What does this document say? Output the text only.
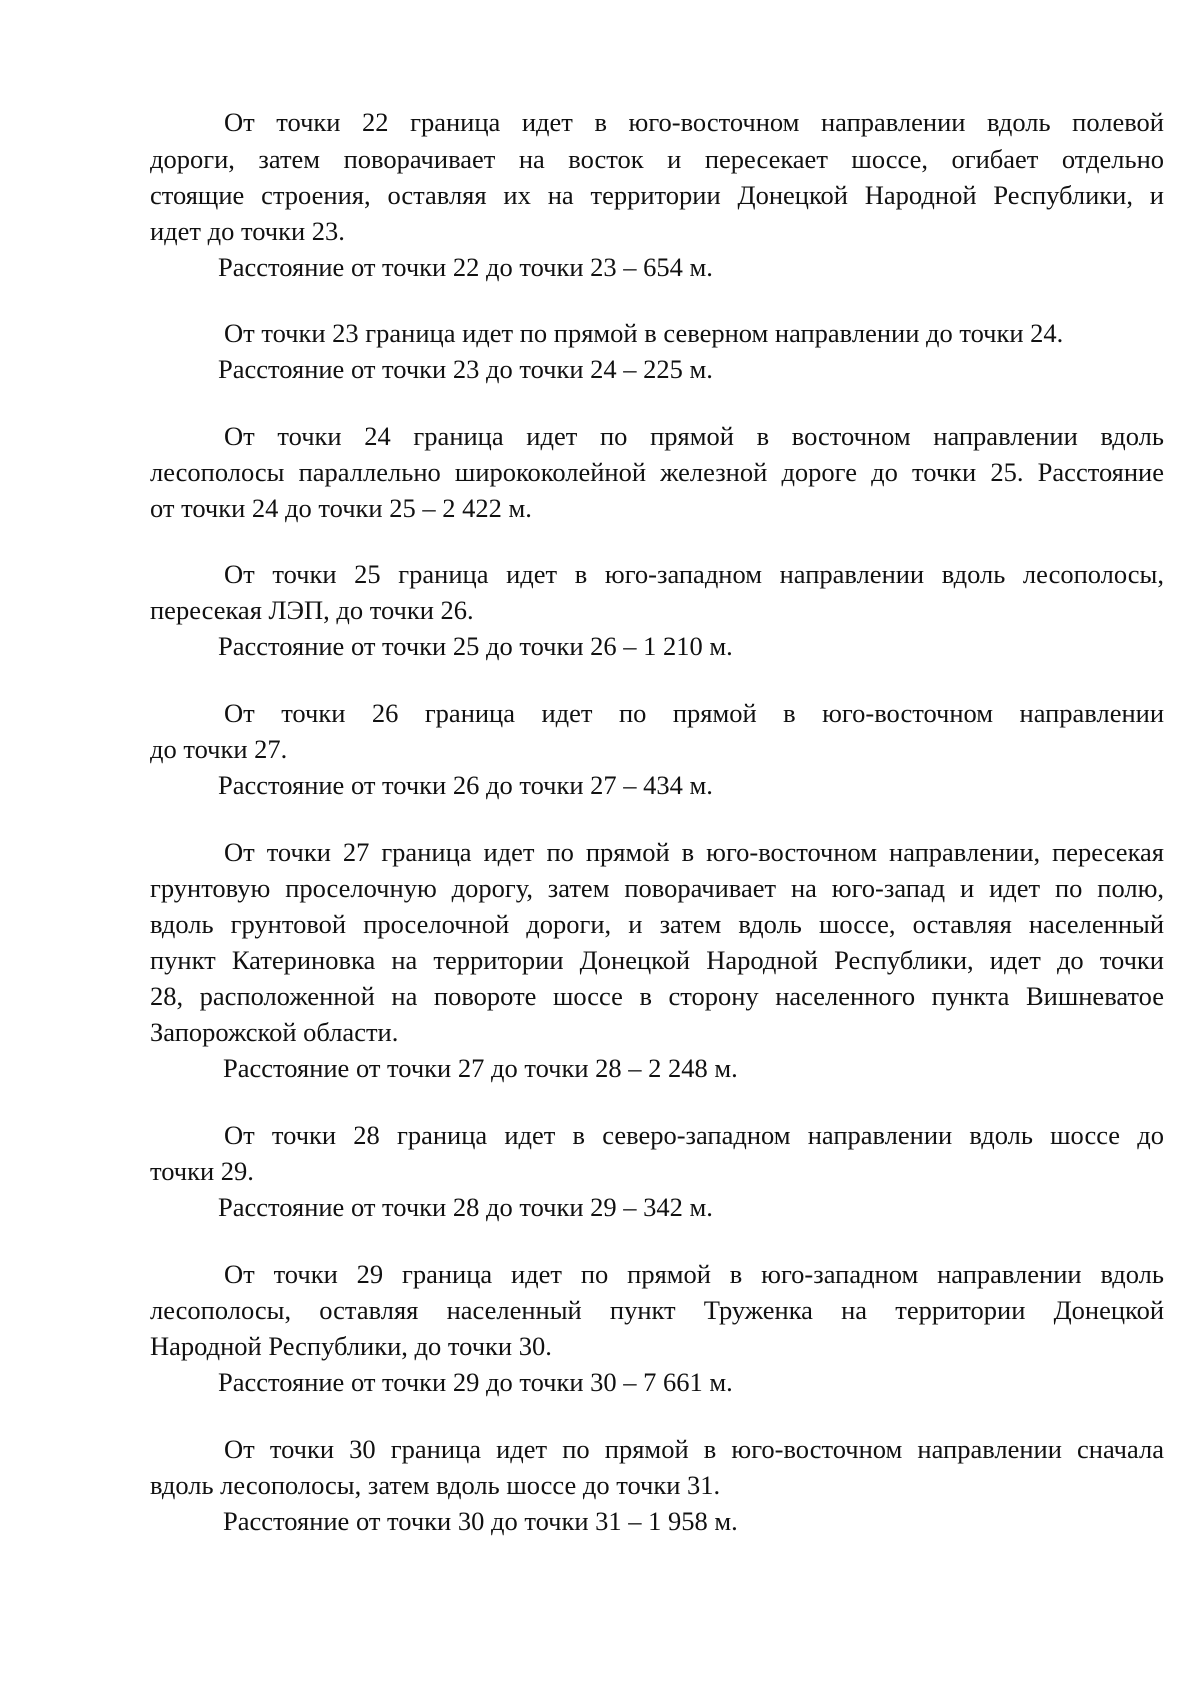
От точки 22 граница идет в юго-восточном направлении вдоль полевой
дороги, затем поворачивает на восток и пересекает шоссе, огибает отдельно
стоящие строения, оставляя их на территории Донецкой Народной Республики, и
идет до точки 23.
Расстояние от точки 22 до точки 23 – 654 м.
От точки 23 граница идет по прямой в северном направлении до точки 24.
Расстояние от точки 23 до точки 24 – 225 м.
От точки 24 граница идет по прямой в восточном направлении вдоль
лесополосы параллельно ширококолейной железной дороге до точки 25. Расстояние
от точки 24 до точки 25 – 2 422 м.
От точки 25 граница идет в юго-западном направлении вдоль лесополосы,
пересекая ЛЭП, до точки 26.
Расстояние от точки 25 до точки 26 – 1 210 м.
От точки 26 граница идет по прямой в юго-восточном направлении
до точки 27.
Расстояние от точки 26 до точки 27 – 434 м.
От точки 27 граница идет по прямой в юго-восточном направлении, пересекая
грунтовую проселочную дорогу, затем поворачивает на юго-запад и идет по полю,
вдоль грунтовой проселочной дороги, и затем вдоль шоссе, оставляя населенный
пункт Катериновка на территории Донецкой Народной Республики, идет до точки
28, расположенной на повороте шоссе в сторону населенного пункта Вишневатое
Запорожской области.
Расстояние от точки 27 до точки 28 – 2 248 м.
От точки 28 граница идет в северо-западном направлении вдоль шоссе до
точки 29.
Расстояние от точки 28 до точки 29 – 342 м.
От точки 29 граница идет по прямой в юго-западном направлении вдоль
лесополосы, оставляя населенный пункт Труженка на территории Донецкой
Народной Республики, до точки 30.
Расстояние от точки 29 до точки 30 – 7 661 м.
От точки 30 граница идет по прямой в юго-восточном направлении сначала
вдоль лесополосы, затем вдоль шоссе до точки 31.
Расстояние от точки 30 до точки 31 – 1 958 м.
